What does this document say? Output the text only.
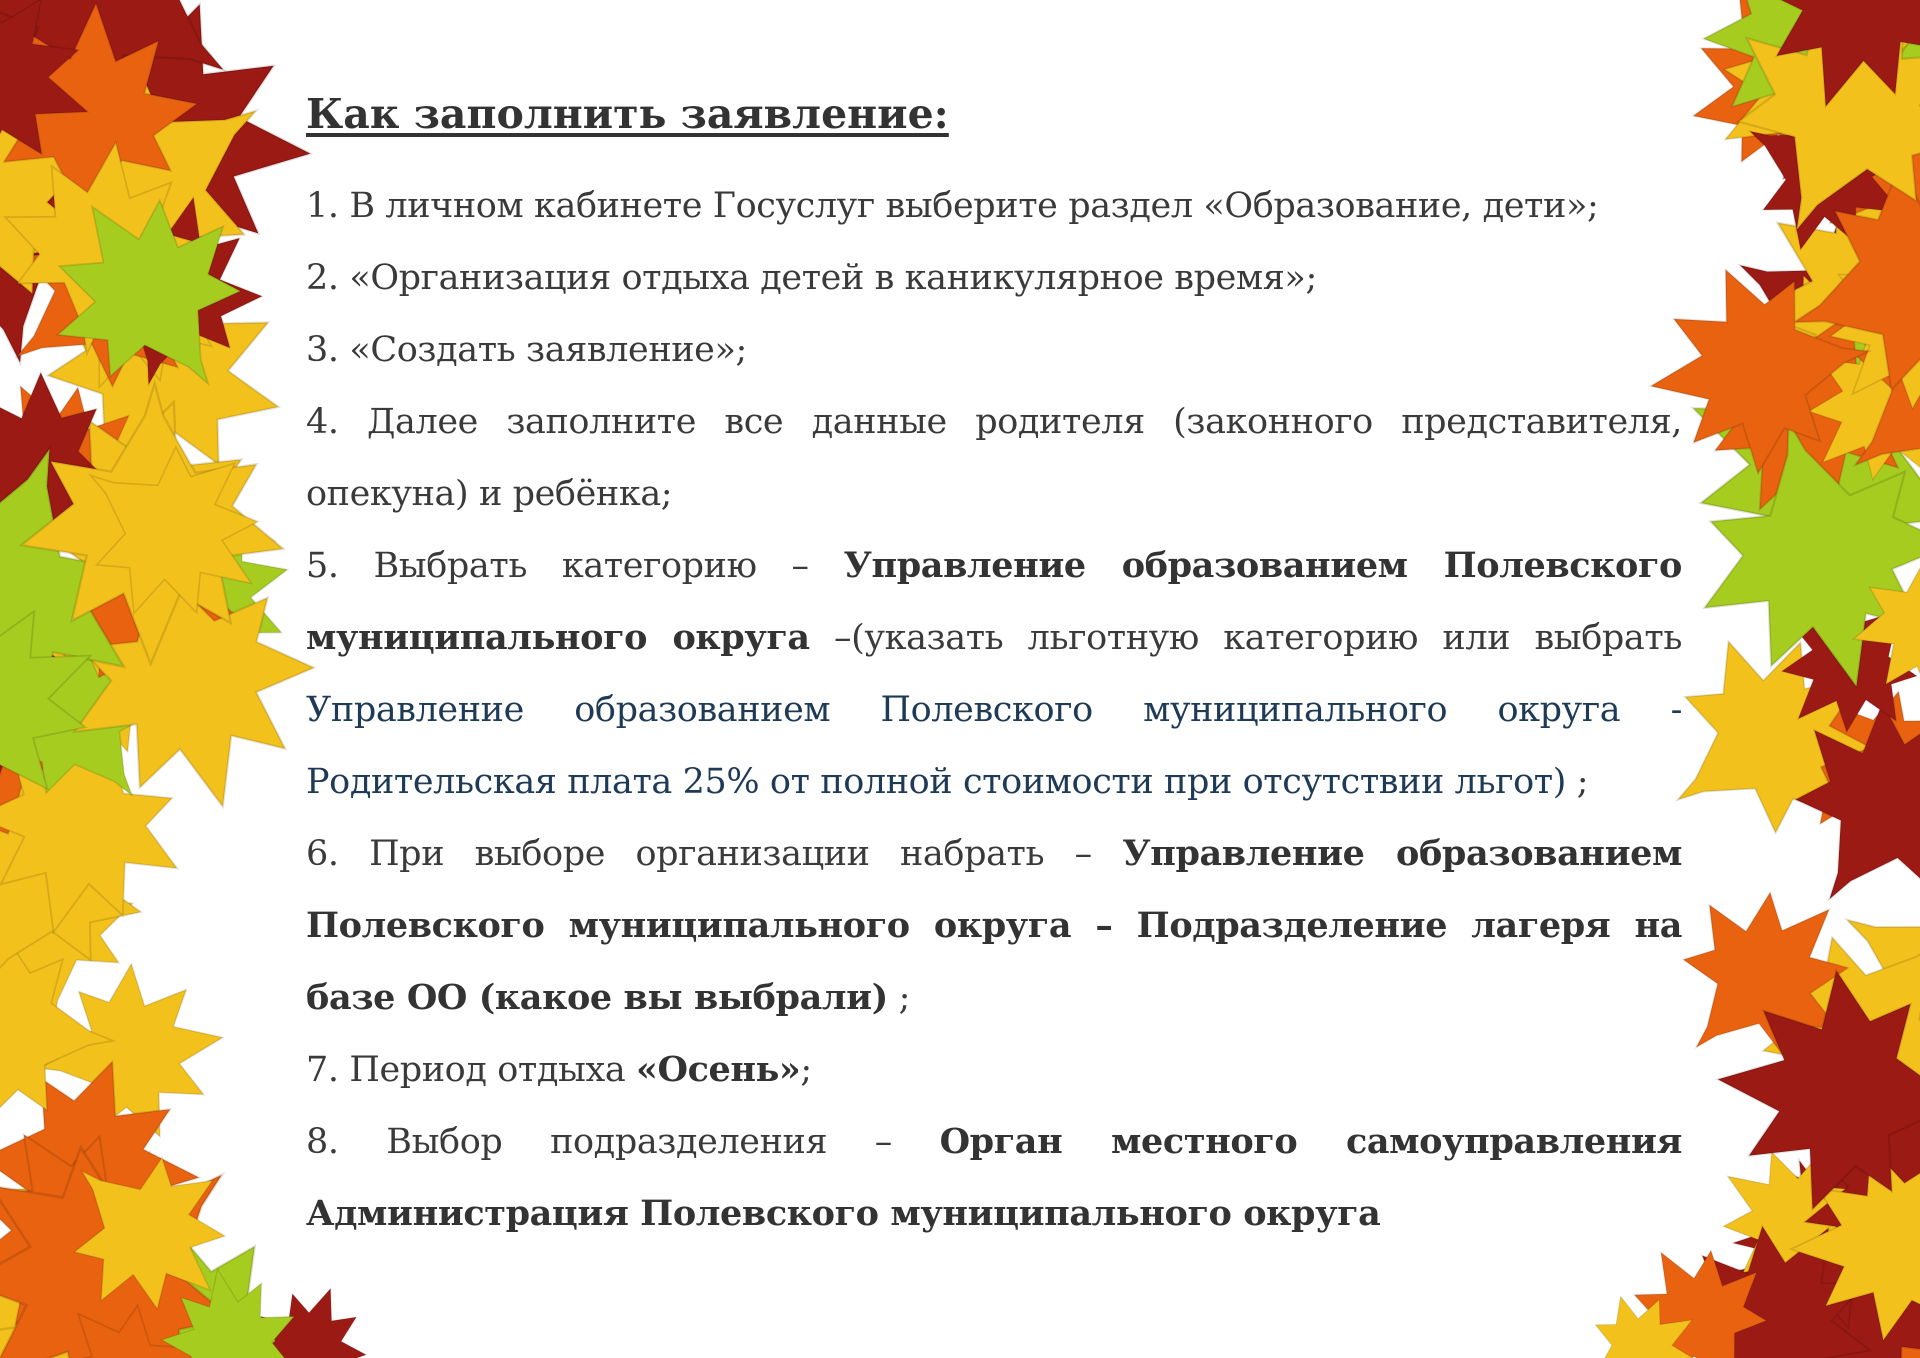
Как заполнить заявление:

1. В личном кабинете Госуслуг выберите раздел «Образование, дети»;

2. «Организация отдыха детей в каникулярное время»;

3. «Создать заявление»;

4. Далее заполните все данные родителя (законного представителя, опекуна) и ребёнка;

5. Выбрать категорию – Управление образованием Полевского муниципального округа –(указать льготную категорию или выбрать Управление образованием Полевского муниципального округа - Родительская плата 25% от полной стоимости при отсутствии льгот) ;

6. При выборе организации набрать – Управление образованием Полевского муниципального округа – Подразделение лагеря на базе ОО (какое вы выбрали) ;

7. Период отдыха «Осень»;

8. Выбор подразделения – Орган местного самоуправления Администрация Полевского муниципального округа
